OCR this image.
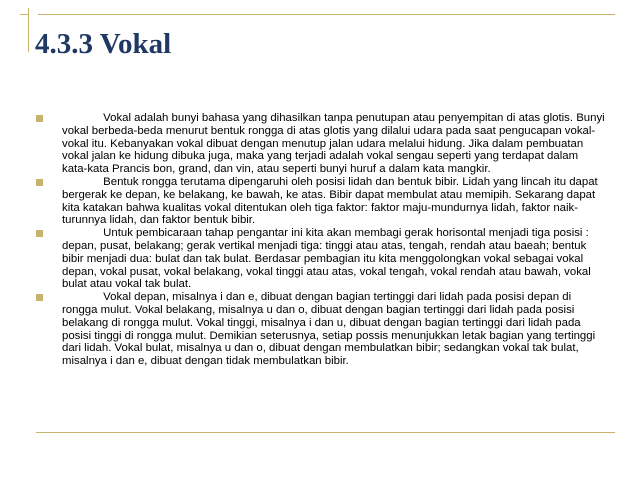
4.3.3 Vokal
Vokal adalah bunyi bahasa yang dihasilkan tanpa penutupan atau penyempitan di atas glotis. Bunyi vokal berbeda-beda menurut bentuk rongga di atas glotis yang dilalui udara pada saat pengucapan vokal-vokal itu. Kebanyakan vokal dibuat dengan menutup jalan udara melalui hidung. Jika dalam pembuatan vokal jalan ke hidung dibuka juga, maka yang terjadi adalah vokal sengau seperti yang terdapat dalam kata-kata Prancis bon, grand, dan vin, atau seperti bunyi huruf a dalam kata mangkir.
Bentuk rongga terutama dipengaruhi oleh posisi lidah dan bentuk bibir. Lidah yang lincah itu dapat bergerak ke depan, ke belakang, ke bawah, ke atas. Bibir dapat membulat atau memipih. Sekarang dapat kita katakan bahwa kualitas vokal ditentukan oleh tiga faktor: faktor maju-mundurnya lidah, faktor naik-turunnya lidah, dan faktor bentuk bibir.
Untuk pembicaraan tahap pengantar ini kita akan membagi gerak horisontal menjadi tiga posisi : depan, pusat, belakang; gerak vertikal menjadi tiga: tinggi atau atas, tengah, rendah atau baeah; bentuk bibir menjadi dua: bulat dan tak bulat. Berdasar pembagian itu kita menggolongkan vokal sebagai vokal depan, vokal pusat, vokal belakang, vokal tinggi atau atas, vokal tengah, vokal rendah atau bawah, vokal bulat atau vokal tak bulat.
Vokal depan, misalnya i dan e, dibuat dengan bagian tertinggi dari lidah pada posisi depan di rongga mulut. Vokal belakang, misalnya u dan o, dibuat dengan bagian tertinggi dari lidah pada posisi belakang di rongga mulut. Vokal tinggi, misalnya i dan u, dibuat dengan bagian tertinggi dari lidah pada posisi tinggi di rongga mulut. Demikian seterusnya, setiap possis menunjukkan letak bagian yang tertinggi dari lidah. Vokal bulat, misalnya u dan o, dibuat dengan membulatkan bibir; sedangkan vokal tak bulat, misalnya i dan e, dibuat dengan tidak membulatkan bibir.
